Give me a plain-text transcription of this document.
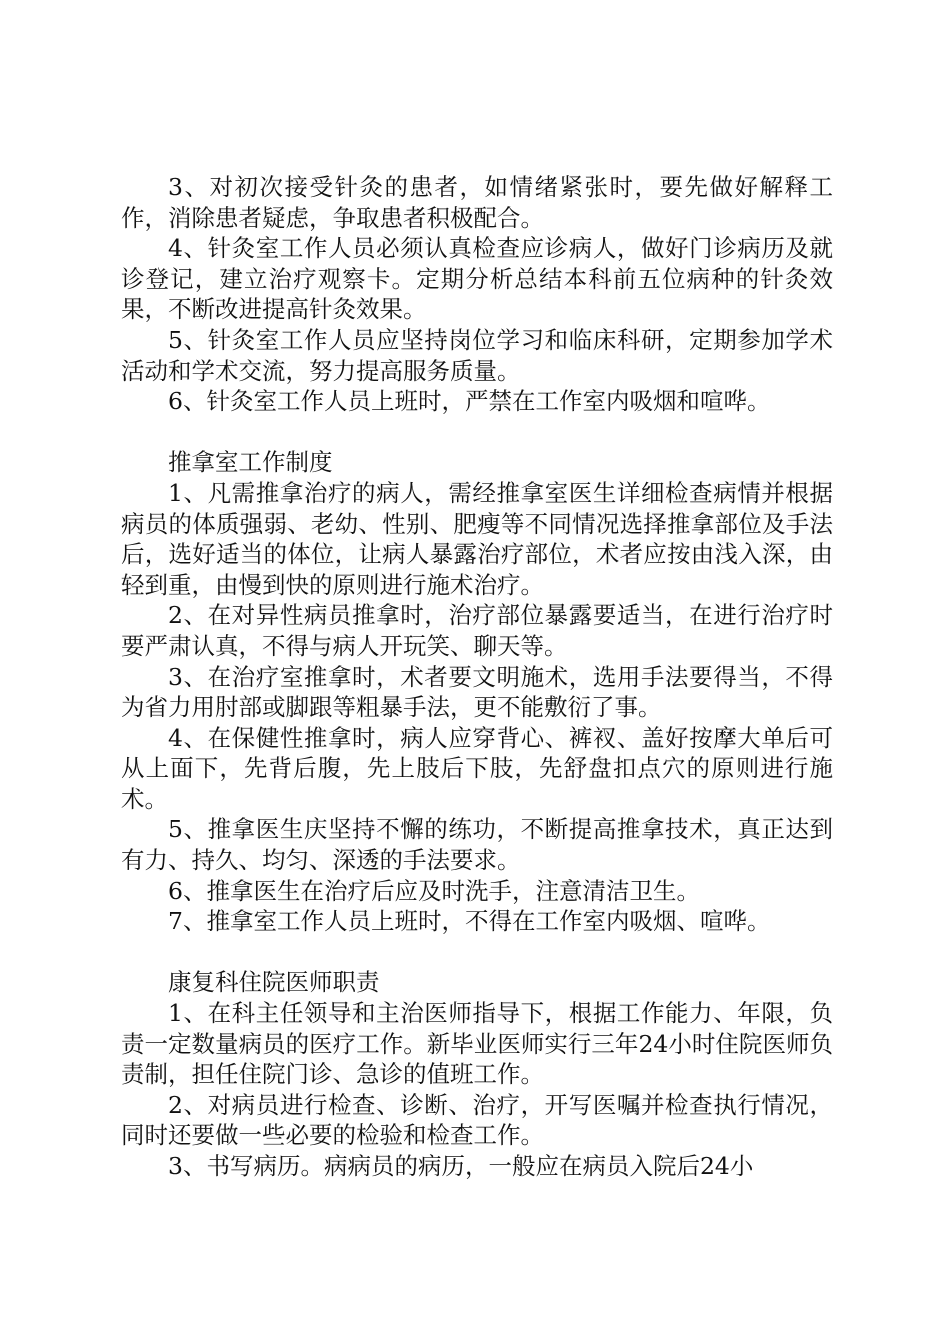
3、对初次接受针灸的患者，如情绪紧张时，要先做好解释工作，消除患者疑虑，争取患者积极配合。

4、针灸室工作人员必须认真检查应诊病人，做好门诊病历及就诊登记，建立治疗观察卡。定期分析总结本科前五位病种的针灸效果，不断改进提高针灸效果。

5、针灸室工作人员应坚持岗位学习和临床科研，定期参加学术活动和学术交流，努力提高服务质量。

6、针灸室工作人员上班时，严禁在工作室内吸烟和喧哗。

推拿室工作制度

1、凡需推拿治疗的病人，需经推拿室医生详细检查病情并根据病员的体质强弱、老幼、性别、肥瘦等不同情况选择推拿部位及手法后，选好适当的体位，让病人暴露治疗部位，术者应按由浅入深，由轻到重，由慢到快的原则进行施术治疗。

2、在对异性病员推拿时，治疗部位暴露要适当，在进行治疗时要严肃认真，不得与病人开玩笑、聊天等。

3、在治疗室推拿时，术者要文明施术，选用手法要得当，不得为省力用肘部或脚跟等粗暴手法，更不能敷衍了事。

4、在保健性推拿时，病人应穿背心、裤衩、盖好按摩大单后可从上面下，先背后腹，先上肢后下肢，先舒盘扣点穴的原则进行施术。

5、推拿医生庆坚持不懈的练功，不断提高推拿技术，真正达到有力、持久、均匀、深透的手法要求。

6、推拿医生在治疗后应及时洗手，注意清洁卫生。

7、推拿室工作人员上班时，不得在工作室内吸烟、喧哗。

康复科住院医师职责

1、在科主任领导和主治医师指导下，根据工作能力、年限，负责一定数量病员的医疗工作。新毕业医师实行三年24小时住院医师负责制，担任住院门诊、急诊的值班工作。

2、对病员进行检查、诊断、治疗，开写医嘱并检查执行情况，同时还要做一些必要的检验和检查工作。

3、书写病历。病病员的病历，一般应在病员入院后24小
